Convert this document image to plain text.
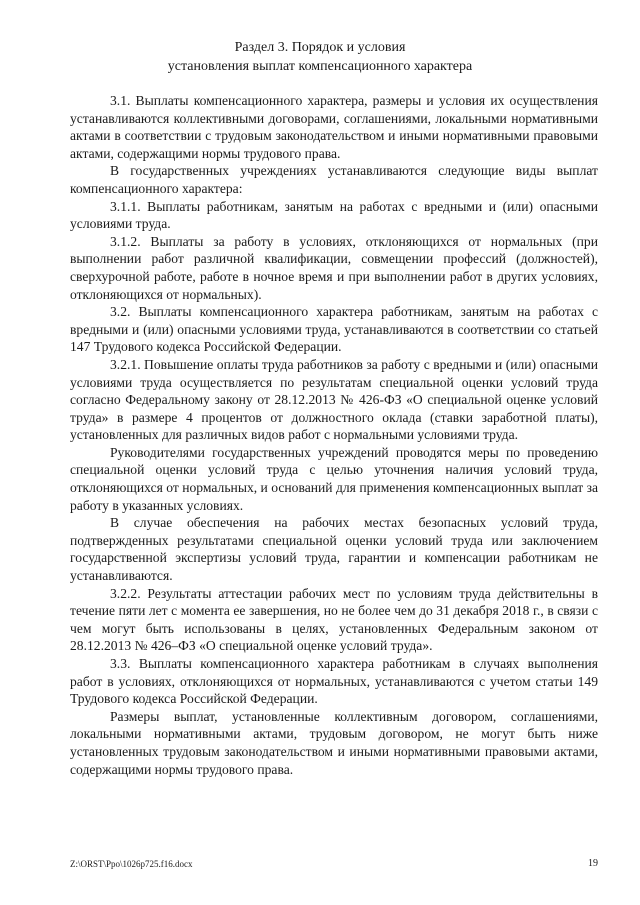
Раздел 3. Порядок и условия
установления выплат компенсационного характера

3.1. Выплаты компенсационного характера, размеры и условия их осуществления устанавливаются коллективными договорами, соглашениями, локальными нормативными актами в соответствии с трудовым законодательством и иными нормативными правовыми актами, содержащими нормы трудового права.

В государственных учреждениях устанавливаются следующие виды выплат компенсационного характера:

3.1.1. Выплаты работникам, занятым на работах с вредными и (или) опасными условиями труда.

3.1.2. Выплаты за работу в условиях, отклоняющихся от нормальных (при выполнении работ различной квалификации, совмещении профессий (должностей), сверхурочной работе, работе в ночное время и при выполнении работ в других условиях, отклоняющихся от нормальных).

3.2. Выплаты компенсационного характера работникам, занятым на работах с вредными и (или) опасными условиями труда, устанавливаются в соответствии со статьей 147 Трудового кодекса Российской Федерации.

3.2.1. Повышение оплаты труда работников за работу с вредными и (или) опасными условиями труда осуществляется по результатам специальной оценки условий труда согласно Федеральному закону от 28.12.2013 № 426-ФЗ «О специальной оценке условий труда» в размере 4 процентов от должностного оклада (ставки заработной платы), установленных для различных видов работ с нормальными условиями труда.

Руководителями государственных учреждений проводятся меры по проведению специальной оценки условий труда с целью уточнения наличия условий труда, отклоняющихся от нормальных, и оснований для применения компенсационных выплат за работу в указанных условиях.

В случае обеспечения на рабочих местах безопасных условий труда, подтвержденных результатами специальной оценки условий труда или заключением государственной экспертизы условий труда, гарантии и компенсации работникам не устанавливаются.

3.2.2. Результаты аттестации рабочих мест по условиям труда действительны в течение пяти лет с момента ее завершения, но не более чем до 31 декабря 2018 г., в связи с чем могут быть использованы в целях, установленных Федеральным законом от 28.12.2013 № 426–ФЗ «О специальной оценке условий труда».

3.3. Выплаты компенсационного характера работникам в случаях выполнения работ в условиях, отклоняющихся от нормальных, устанавливаются с учетом статьи 149 Трудового кодекса Российской Федерации.

Размеры выплат, установленные коллективным договором, соглашениями, локальными нормативными актами, трудовым договором, не могут быть ниже установленных трудовым законодательством и иными нормативными правовыми актами, содержащими нормы трудового права.

Z:\ORST\Ppo\1026p725.f16.docx	19
